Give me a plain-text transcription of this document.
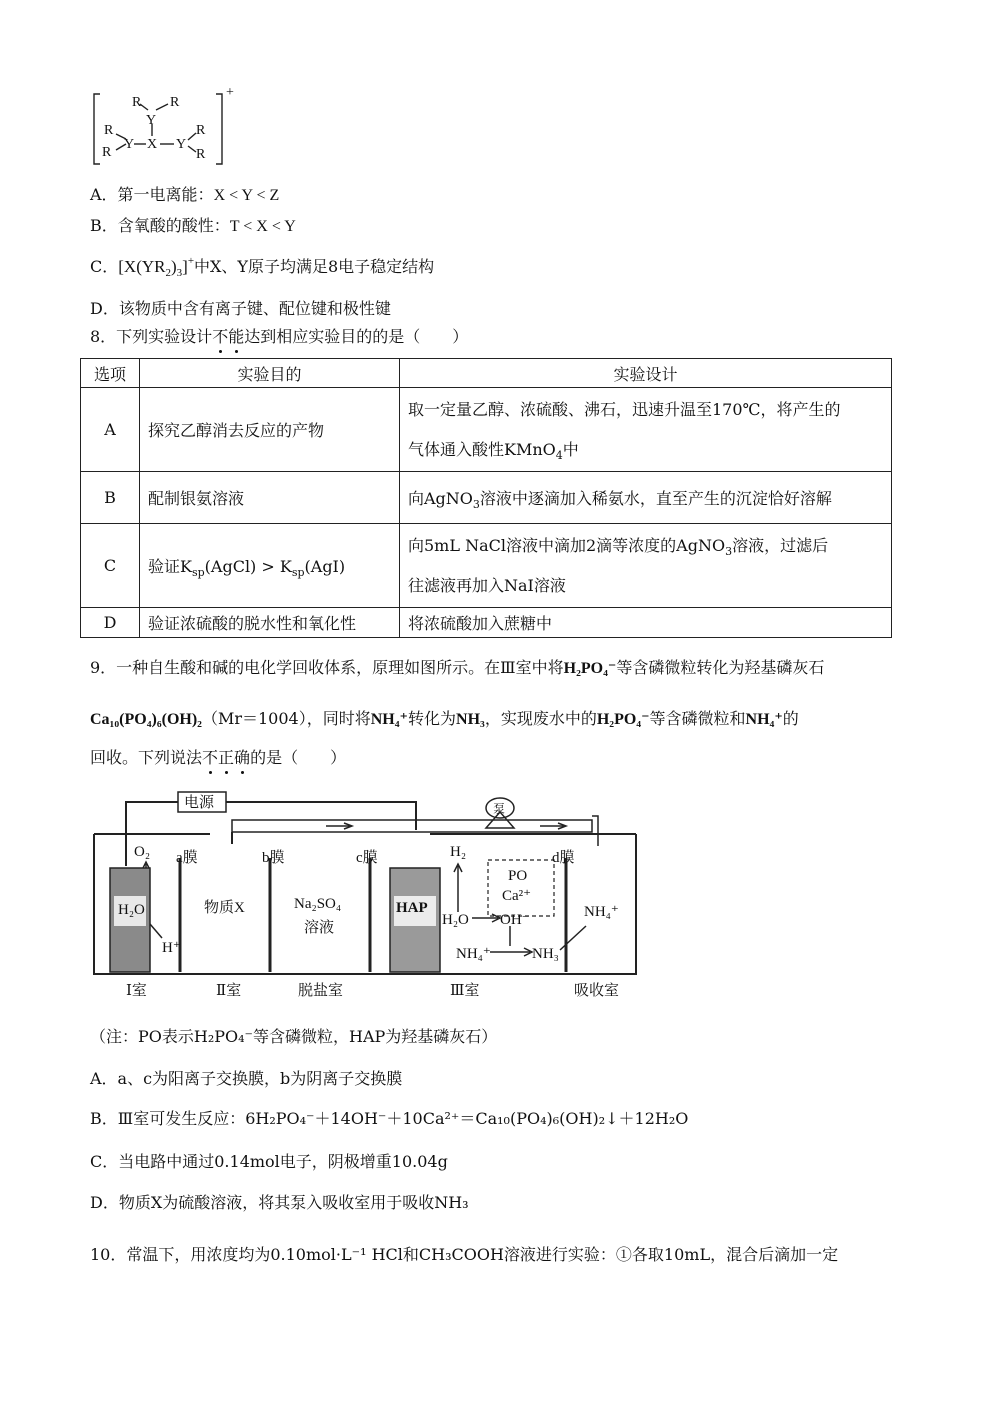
R R
Y
R
R
Y X Y
R
R
+
A．第一电离能：X < Y < Z
B．含氧酸的酸性：T < X < Y
C．$[X(YR_2)_3]^+$中X、Y原子均满足8电子稳定结构
D．该物质中含有离子键、配位键和极性键
8．下列实验设计不能达到相应实验目的的是（　　）
选项	实验目的	实验设计
A	探究乙醇消去反应的产物	取一定量乙醇、浓硫酸、沸石，迅速升温至170℃，将产生的
气体通入酸性KMnO$_4$中
B	配制银氨溶液	向AgNO$_3$溶液中逐滴加入稀氨水，直至产生的沉淀恰好溶解
C	验证$K_{sp}(AgCl) > K_{sp}(AgI)$	向5mL NaCl溶液中滴加2滴等浓度的AgNO$_3$溶液，过滤后
往滤液再加入NaI溶液
D	验证浓硫酸的脱水性和氧化性	将浓硫酸加入蔗糖中
9．一种自生酸和碱的电化学回收体系，原理如图所示。在Ⅲ室中将H₂PO₄⁻等含磷微粒转化为羟基磷灰石
Ca₁₀(PO₄)₆(OH)₂（Mr＝1004），同时将NH₄⁺转化为NH₃，实现废水中的H₂PO₄⁻等含磷微粒和NH₄⁺的
回收。下列说法不正确的是（　　）
电源	泵
O₂
H₂O
H⁺
a膜	b膜	c膜	d膜
物质X	Na₂SO₄
溶液
HAP
H₂
PO
Ca²⁺
H₂O OH⁻
NH₄⁺	NH₃
NH₄⁺
Ⅰ室	Ⅱ室	脱盐室	Ⅲ室	吸收室
（注：PO表示H₂PO₄⁻等含磷微粒，HAP为羟基磷灰石）
A．a、c为阳离子交换膜，b为阴离子交换膜
B．Ⅲ室可发生反应：6H₂PO₄⁻＋14OH⁻＋10Ca²⁺＝Ca₁₀(PO₄)₆(OH)₂↓＋12H₂O
C．当电路中通过0.14mol电子，阴极增重10.04g
D．物质X为硫酸溶液，将其泵入吸收室用于吸收NH₃
10．常温下，用浓度均为0.10mol·L⁻¹ HCl和CH₃COOH溶液进行实验：①各取10mL，混合后滴加一定
